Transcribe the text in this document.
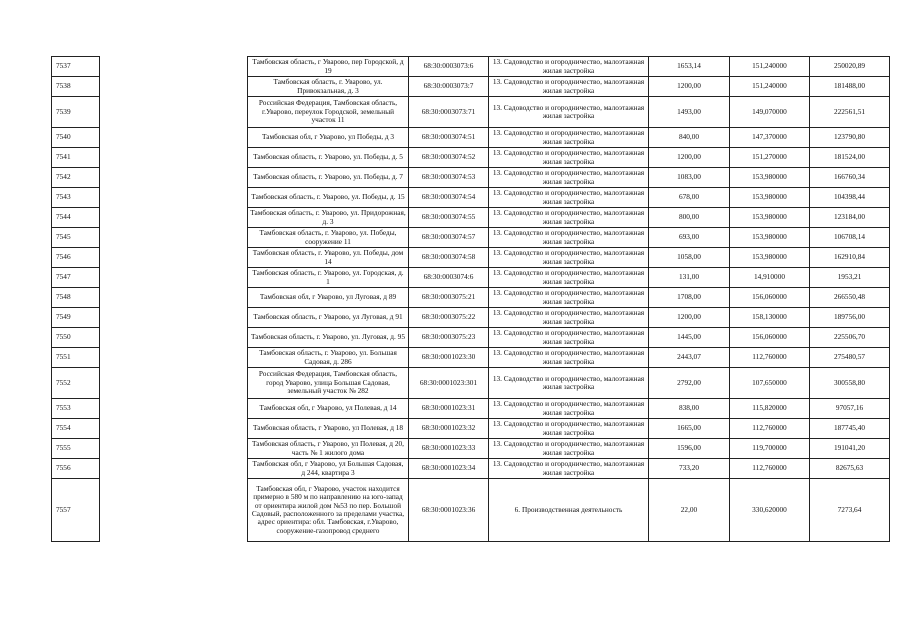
7537		Тамбовская область, г Уварово, пер Городской, д 19	68:30:0003073:6	13. Садоводство и огородничество, малоэтажная жилая застройка	1653,14	151,240000	250020,89
7538		Тамбовская область, г. Уварово, ул. Привокзальная, д. 3	68:30:0003073:7	13. Садоводство и огородничество, малоэтажная жилая застройка	1200,00	151,240000	181488,00
7539		Российская Федерация, Тамбовская область, г.Уварово, переулок Городской, земельный участок 11	68:30:0003073:71	13. Садоводство и огородничество, малоэтажная жилая застройка	1493,00	149,070000	222561,51
7540		Тамбовская обл, г Уварово, ул Победы, д 3	68:30:0003074:51	13. Садоводство и огородничество, малоэтажная жилая застройка	840,00	147,370000	123790,80
7541		Тамбовская область, г. Уварово, ул. Победы, д. 5	68:30:0003074:52	13. Садоводство и огородничество, малоэтажная жилая застройка	1200,00	151,270000	181524,00
7542		Тамбовская область, г. Уварово, ул. Победы, д. 7	68:30:0003074:53	13. Садоводство и огородничество, малоэтажная жилая застройка	1083,00	153,980000	166760,34
7543		Тамбовская область, г. Уварово, ул. Победы, д. 15	68:30:0003074:54	13. Садоводство и огородничество, малоэтажная жилая застройка	678,00	153,980000	104398,44
7544		Тамбовская область, г. Уварово, ул. Придорожная, д. 3	68:30:0003074:55	13. Садоводство и огородничество, малоэтажная жилая застройка	800,00	153,980000	123184,00
7545		Тамбовская область, г. Уварово, ул. Победы, сооружение 11	68:30:0003074:57	13. Садоводство и огородничество, малоэтажная жилая застройка	693,00	153,980000	106708,14
7546		Тамбовская область, г. Уварово, ул. Победы, дом 14	68:30:0003074:58	13. Садоводство и огородничество, малоэтажная жилая застройка	1058,00	153,980000	162910,84
7547		Тамбовская область, г. Уварово, ул. Городская, д. 1	68:30:0003074:6	13. Садоводство и огородничество, малоэтажная жилая застройка	131,00	14,910000	1953,21
7548		Тамбовская обл, г Уварово, ул Луговая, д 89	68:30:0003075:21	13. Садоводство и огородничество, малоэтажная жилая застройка	1708,00	156,060000	266550,48
7549		Тамбовская область, г Уварово, ул Луговая, д 91	68:30:0003075:22	13. Садоводство и огородничество, малоэтажная жилая застройка	1200,00	158,130000	189756,00
7550		Тамбовская область, г. Уварово, ул. Луговая, д. 95	68:30:0003075:23	13. Садоводство и огородничество, малоэтажная жилая застройка	1445,00	156,060000	225506,70
7551		Тамбовская область, г. Уварово, ул. Большая Садовая, д. 286	68:30:0001023:30	13. Садоводство и огородничество, малоэтажная жилая застройка	2443,07	112,760000	275480,57
7552		Российская Федерация, Тамбовская область, город Уварово, улица Большая Садовая, земельный участок № 282	68:30:0001023:301	13. Садоводство и огородничество, малоэтажная жилая застройка	2792,00	107,650000	300558,80
7553		Тамбовская обл, г Уварово, ул Полевая, д 14	68:30:0001023:31	13. Садоводство и огородничество, малоэтажная жилая застройка	838,00	115,820000	97057,16
7554		Тамбовская область, г Уварово, ул Полевая, д 18	68:30:0001023:32	13. Садоводство и огородничество, малоэтажная жилая застройка	1665,00	112,760000	187745,40
7555		Тамбовская область, г Уварово, ул Полевая, д 20, часть № 1 жилого дома	68:30:0001023:33	13. Садоводство и огородничество, малоэтажная жилая застройка	1596,00	119,700000	191041,20
7556		Тамбовская обл, г Уварово, ул Большая Садовая, д 244, квартира 3	68:30:0001023:34	13. Садоводство и огородничество, малоэтажная жилая застройка	733,20	112,760000	82675,63
7557		Тамбовская обл, г Уварово, участок находится примерно в 580 м по направлению на юго-запад от ориентира жилой дом №53 по пер. Большой Садовый, расположенного за пределами участка, адрес ориентира: обл. Тамбовская, г.Уварово, сооружение-газопровод среднего	68:30:0001023:36	6. Производственная деятельность	22,00	330,620000	7273,64
